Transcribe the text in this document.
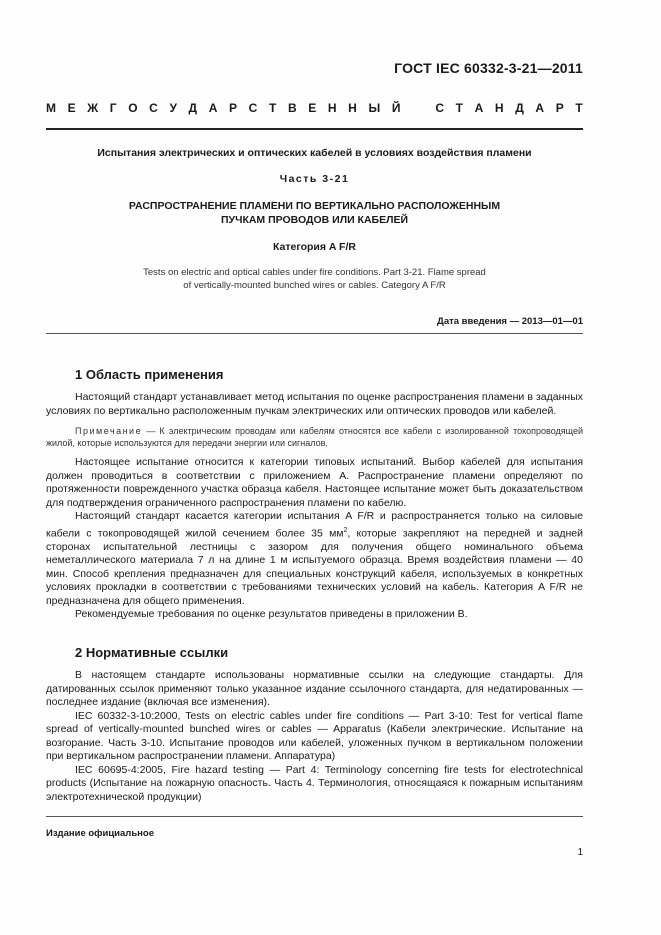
ГОСТ IEC 60332-3-21—2011
М Е Ж Г О С У Д А Р С Т В Е Н Н Ы Й	С Т А Н Д А Р Т
Испытания электрических и оптических кабелей в условиях воздействия пламени
Часть 3-21
РАСПРОСТРАНЕНИЕ ПЛАМЕНИ ПО ВЕРТИКАЛЬНО РАСПОЛОЖЕННЫМ
ПУЧКАМ ПРОВОДОВ ИЛИ КАБЕЛЕЙ
Категория A F/R
Tests on electric and optical cables under fire conditions. Part 3-21. Flame spread
of vertically-mounted bunched wires or cables. Category A F/R
Дата введения — 2013—01—01
1 Область применения

Настоящий стандарт устанавливает метод испытания по оценке распространения пламени в заданных условиях по вертикально расположенным пучкам электрических или оптических проводов или кабелей.

Примечание — К электрическим проводам или кабелям относятся все кабели с изолированной токопроводящей жилой, которые используются для передачи энергии или сигналов.

Настоящее испытание относится к категории типовых испытаний. Выбор кабелей для испытания должен проводиться в соответствии с приложением А. Распространение пламени определяют по протяженности поврежденного участка образца кабеля. Настоящее испытание может быть доказательством для подтверждения ограниченного распространения пламени по кабелю.

Настоящий стандарт касается категории испытания A F/R и распространяется только на силовые кабели с токопроводящей жилой сечением более 35 $мм^2$, которые закрепляют на передней и задней сторонах испытательной лестницы с зазором для получения общего номинального объема неметаллического материала 7 л на длине 1 м испытуемого образца. Время воздействия пламени — 40 мин. Способ крепления предназначен для специальных конструкций кабеля, используемых в конкретных условиях прокладки в соответствии с требованиями технических условий на кабель. Категория A F/R не предназначена для общего применения.

Рекомендуемые требования по оценке результатов приведены в приложении В.

2 Нормативные ссылки

В настоящем стандарте использованы нормативные ссылки на следующие стандарты. Для датированных ссылок применяют только указанное издание ссылочного стандарта, для недатированных — последнее издание (включая все изменения).

IEC 60332-3-10:2000, Tests on electric cables under fire conditions — Part 3-10: Test for vertical flame spread of vertically-mounted bunched wires or cables — Apparatus (Кабели электрические. Испытание на возгорание. Часть 3-10. Испытание проводов или кабелей, уложенных пучком в вертикальном положении при вертикальном распространении пламени. Аппаратура)

IEC 60695-4:2005, Fire hazard testing — Part 4: Terminology concerning fire tests for electrotechnical products (Испытание на пожарную опасность. Часть 4. Терминология, относящаяся к пожарным испытаниям электротехнической продукции)

Издание официальное
1
